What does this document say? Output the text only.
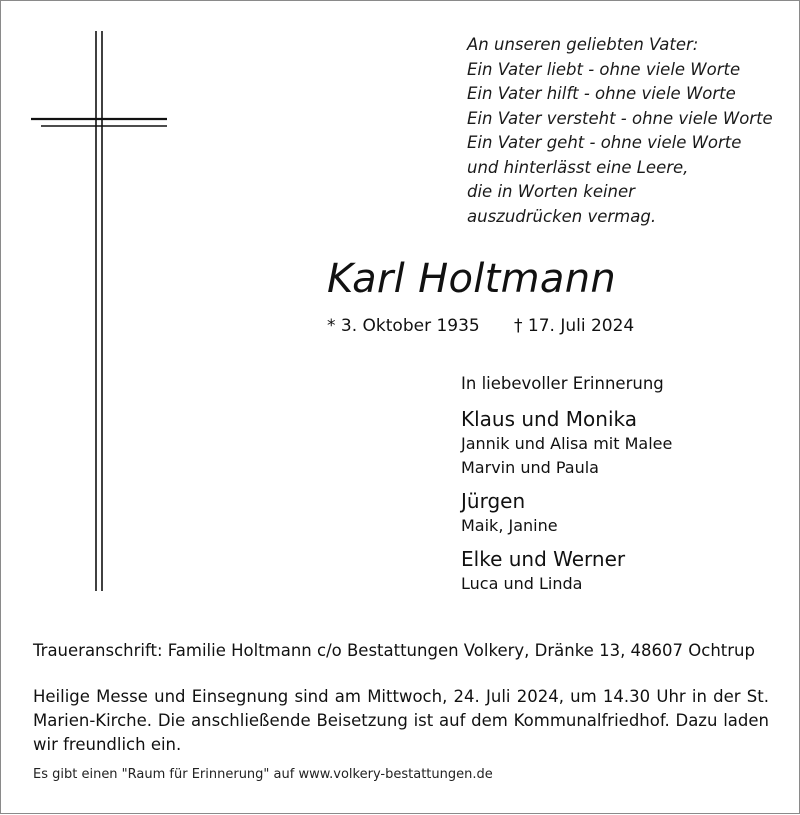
An unseren geliebten Vater:
Ein Vater liebt - ohne viele Worte
Ein Vater hilft - ohne viele Worte
Ein Vater versteht - ohne viele Worte
Ein Vater geht - ohne viele Worte
und hinterlässt eine Leere,
die in Worten keiner
auszudrücken vermag.
Karl Holtmann
* 3. Oktober 1935 † 17. Juli 2024
In liebevoller Erinnerung
Klaus und Monika
Jannik und Alisa mit Malee
Marvin und Paula
Jürgen
Maik, Janine
Elke und Werner
Luca und Linda
Traueranschrift: Familie Holtmann c/o Bestattungen Volkery, Dränke 13, 48607 Ochtrup
Heilige Messe und Einsegnung sind am Mittwoch, 24. Juli 2024, um 14.30 Uhr in der St. Marien-Kirche. Die anschließende Beisetzung ist auf dem Kommunalfriedhof. Dazu laden wir freundlich ein.
Es gibt einen "Raum für Erinnerung" auf www.volkery-bestattungen.de
